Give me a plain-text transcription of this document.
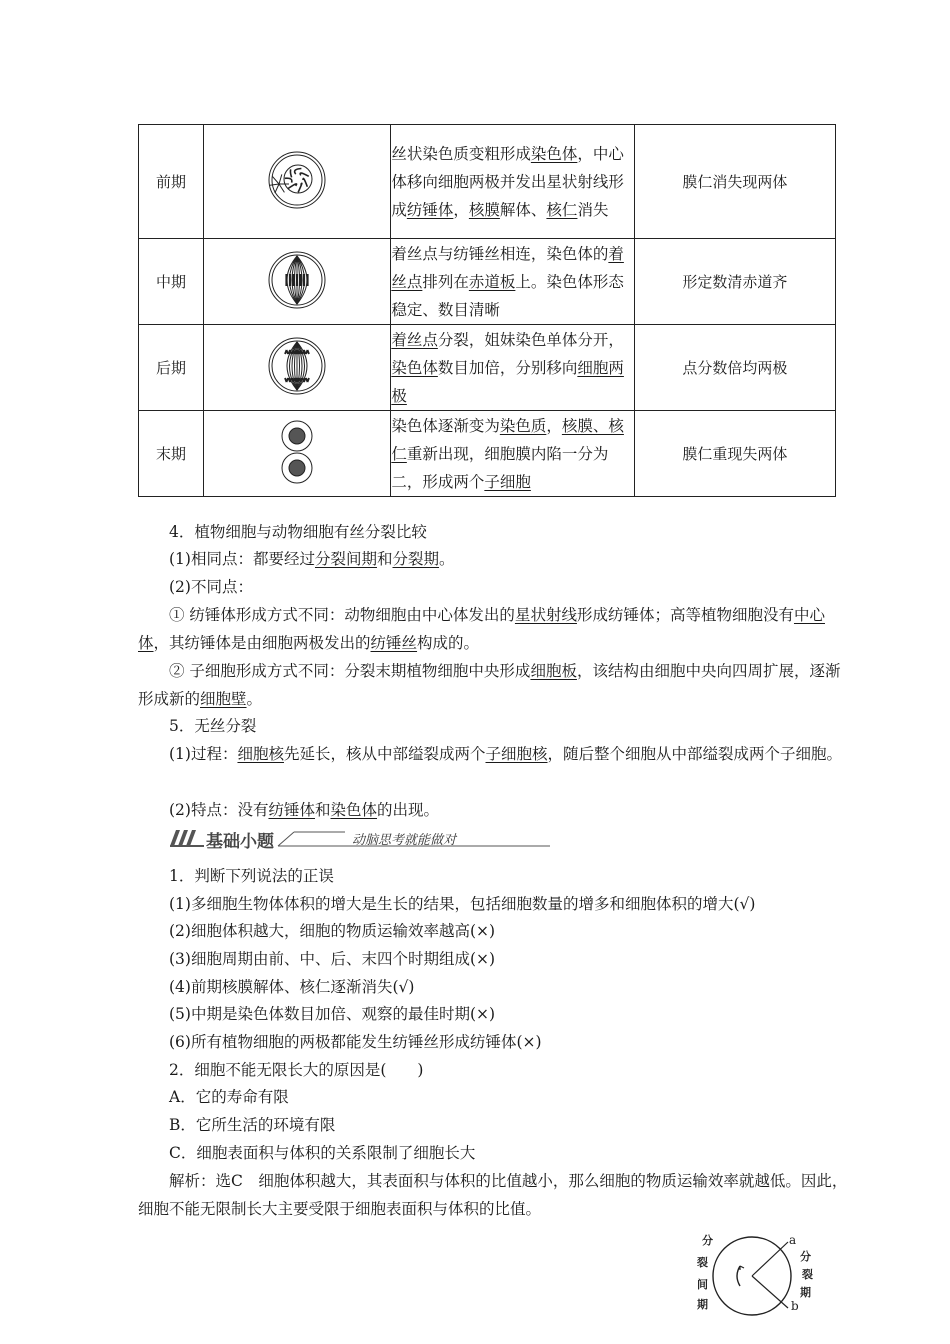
前期		丝状染色质变粗形成染色体，中心体移向细胞两极并发出星状射线形成纺锤体，核膜解体、核仁消失	膜仁消失现两体
中期		着丝点与纺锤丝相连，染色体的着丝点排列在赤道板上。染色体形态稳定、数目清晰	形定数清赤道齐
后期		着丝点分裂，姐妹染色单体分开，染色体数目加倍，分别移向细胞两极	点分数倍均两极
末期		染色体逐渐变为染色质，核膜、核仁重新出现，细胞膜内陷一分为二，形成两个子细胞	膜仁重现失两体
4．植物细胞与动物细胞有丝分裂比较
(1)相同点：都要经过分裂间期和分裂期。
(2)不同点：
① 纺锤体形成方式不同：动物细胞由中心体发出的星状射线形成纺锤体；高等植物细胞没有中心体，其纺锤体是由细胞两极发出的纺锤丝构成的。
② 子细胞形成方式不同：分裂末期植物细胞中央形成细胞板，该结构由细胞中央向四周扩展，逐渐形成新的细胞壁。
5．无丝分裂
(1)过程：细胞核先延长，核从中部缢裂成两个子细胞核，随后整个细胞从中部缢裂成两个子细胞。
(2)特点：没有纺锤体和染色体的出现。
基础小题	动脑思考就能做对
1．判断下列说法的正误
(1)多细胞生物体体积的增大是生长的结果，包括细胞数量的增多和细胞体积的增大(√)
(2)细胞体积越大，细胞的物质运输效率越高(×)
(3)细胞周期由前、中、后、末四个时期组成(×)
(4)前期核膜解体、核仁逐渐消失(√)
(5)中期是染色体数目加倍、观察的最佳时期(×)
(6)所有植物细胞的两极都能发生纺锤丝形成纺锤体(×)
2．细胞不能无限长大的原因是(　　)
A．它的寿命有限
B．它所生活的环境有限
C．细胞表面积与体积的关系限制了细胞长大
解析：选C　细胞体积越大，其表面积与体积的比值越小，那么细胞的物质运输效率就越低。因此，细胞不能无限制长大主要受限于细胞表面积与体积的比值。
分
裂
间
期
分
裂
期
a
b
